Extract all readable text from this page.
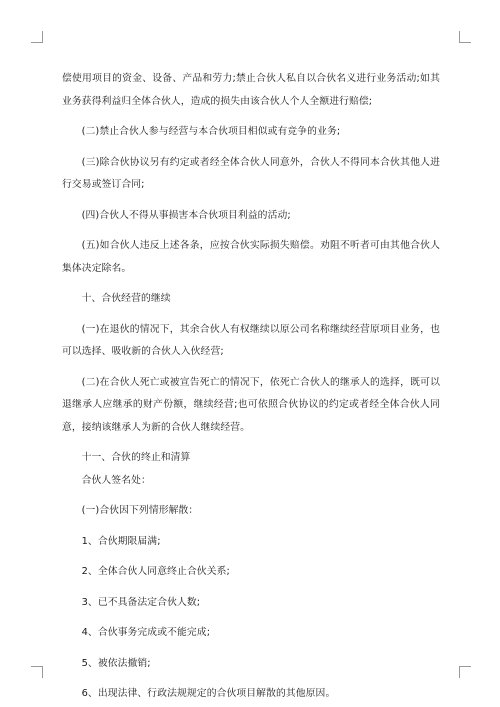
偿使用项目的资金、设备、产品和劳力;禁止合伙人私自以合伙名义进行业务活动;如其业务获得利益归全体合伙人，造成的损失由该合伙人个人全额进行赔偿;

(二)禁止合伙人参与经营与本合伙项目相似或有竞争的业务;

(三)除合伙协议另有约定或者经全体合伙人同意外，合伙人不得同本合伙其他人进行交易或签订合同;

(四)合伙人不得从事损害本合伙项目利益的活动;

(五)如合伙人违反上述各条，应按合伙实际损失赔偿。劝阻不听者可由其他合伙人集体决定除名。

十、合伙经营的继续

(一)在退伙的情况下，其余合伙人有权继续以原公司名称继续经营原项目业务，也可以选择、吸收新的合伙人入伙经营;

(二)在合伙人死亡或被宣告死亡的情况下，依死亡合伙人的继承人的选择，既可以退继承人应继承的财产份额，继续经营;也可依照合伙协议的约定或者经全体合伙人同意，接纳该继承人为新的合伙人继续经营。

十一、合伙的终止和清算

合伙人签名处：

(一)合伙因下列情形解散：

1、合伙期限届满;

2、全体合伙人同意终止合伙关系;

3、已不具备法定合伙人数;

4、合伙事务完成或不能完成;

5、被依法撤销;

6、出现法律、行政法规规定的合伙项目解散的其他原因。
